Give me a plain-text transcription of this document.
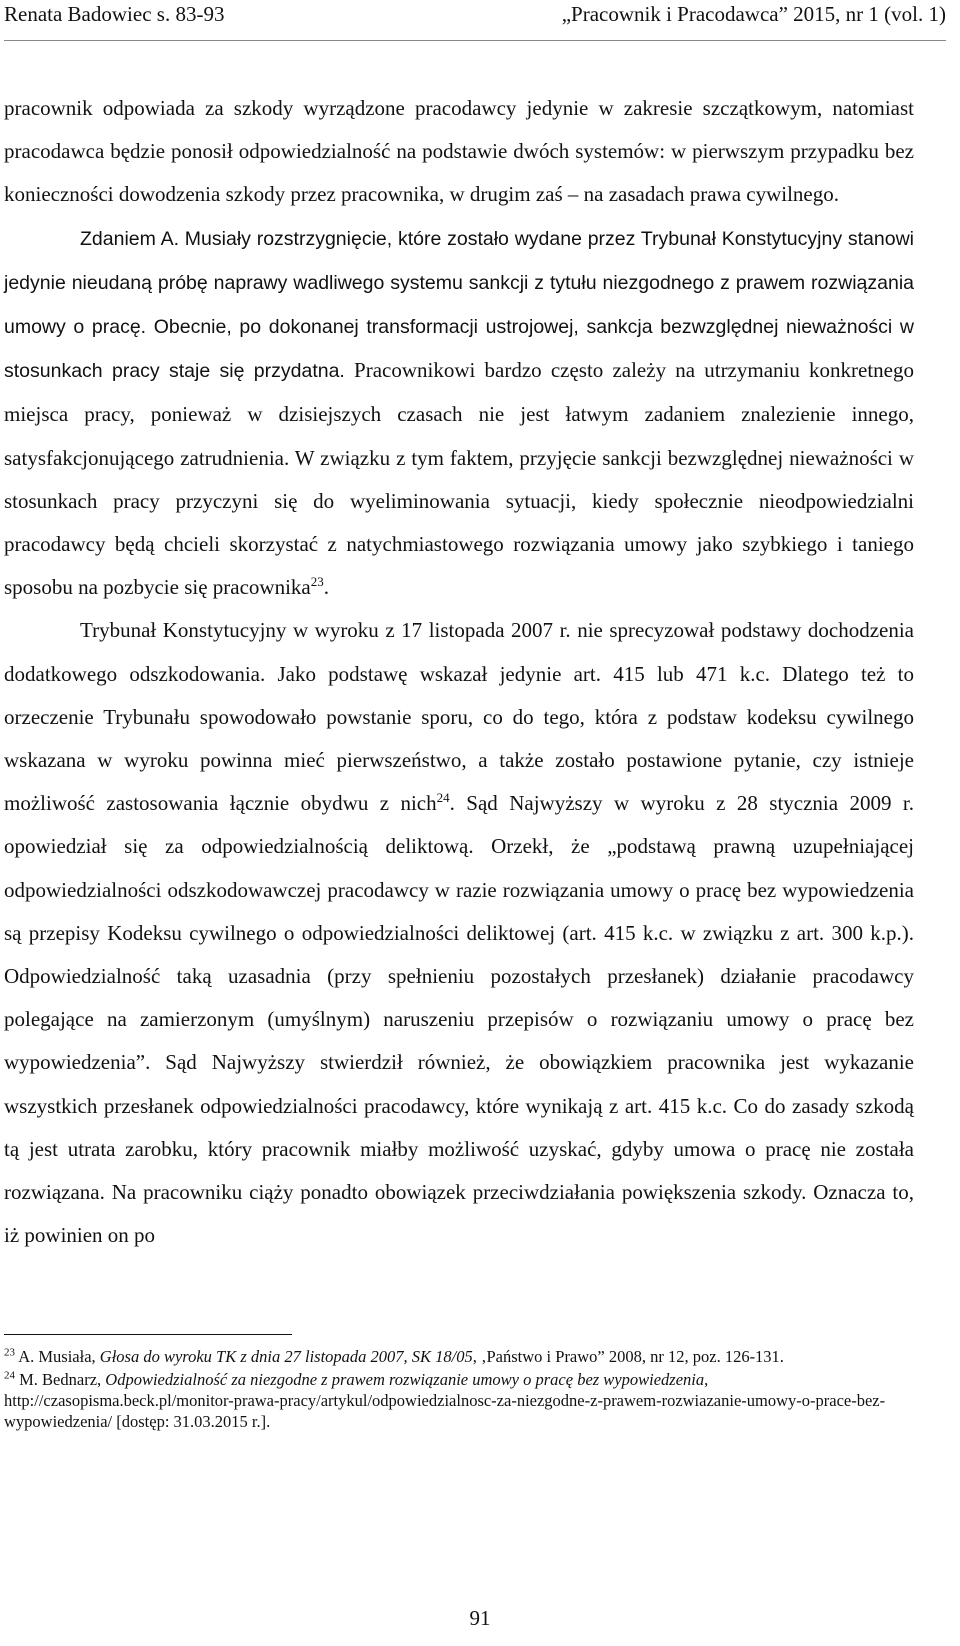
Renata Badowiec s. 83-93	„Pracownik i Pracodawca” 2015, nr 1 (vol. 1)

pracownik odpowiada za szkody wyrządzone pracodawcy jedynie w zakresie szczątkowym, natomiast pracodawca będzie ponosił odpowiedzialność na podstawie dwóch systemów: w pierwszym przypadku bez konieczności dowodzenia szkody przez pracownika, w drugim zaś – na zasadach prawa cywilnego.

Zdaniem A. Musiały rozstrzygnięcie, które zostało wydane przez Trybunał Konstytucyjny stanowi jedynie nieudaną próbę naprawy wadliwego systemu sankcji z tytułu niezgodnego z prawem rozwiązania umowy o pracę. Obecnie, po dokonanej transformacji ustrojowej, sankcja bezwzględnej nieważności w stosunkach pracy staje się przydatna. Pracownikowi bardzo często zależy na utrzymaniu konkretnego miejsca pracy, ponieważ w dzisiejszych czasach nie jest łatwym zadaniem znalezienie innego, satysfakcjonującego zatrudnienia. W związku z tym faktem, przyjęcie sankcji bezwzględnej nieważności w stosunkach pracy przyczyni się do wyeliminowania sytuacji, kiedy społecznie nieodpowiedzialni pracodawcy będą chcieli skorzystać z natychmiastowego rozwiązania umowy jako szybkiego i taniego sposobu na pozbycie się pracownika$^{23}$.

Trybunał Konstytucyjny w wyroku z 17 listopada 2007 r. nie sprecyzował podstawy dochodzenia dodatkowego odszkodowania. Jako podstawę wskazał jedynie art. 415 lub 471 k.c. Dlatego też to orzeczenie Trybunału spowodowało powstanie sporu, co do tego, która z podstaw kodeksu cywilnego wskazana w wyroku powinna mieć pierwszeństwo, a także zostało postawione pytanie, czy istnieje możliwość zastosowania łącznie obydwu z nich$^{24}$. Sąd Najwyższy w wyroku z 28 stycznia 2009 r. opowiedział się za odpowiedzialnością deliktową. Orzekł, że „podstawą prawną uzupełniającej odpowiedzialności odszkodowawczej pracodawcy w razie rozwiązania umowy o pracę bez wypowiedzenia są przepisy Kodeksu cywilnego o odpowiedzialności deliktowej (art. 415 k.c. w związku z art. 300 k.p.). Odpowiedzialność taką uzasadnia (przy spełnieniu pozostałych przesłanek) działanie pracodawcy polegające na zamierzonym (umyślnym) naruszeniu przepisów o rozwiązaniu umowy o pracę bez wypowiedzenia”. Sąd Najwyższy stwierdził również, że obowiązkiem pracownika jest wykazanie wszystkich przesłanek odpowiedzialności pracodawcy, które wynikają z art. 415 k.c. Co do zasady szkodą tą jest utrata zarobku, który pracownik miałby możliwość uzyskać, gdyby umowa o pracę nie została rozwiązana. Na pracowniku ciąży ponadto obowiązek przeciwdziałania powiększenia szkody. Oznacza to, iż powinien on po

$^{23}$ A. Musiała, Głosa do wyroku TK z dnia 27 listopada 2007, SK 18/05, ‚Państwo i Prawo” 2008, nr 12, poz. 126-131.

$^{24}$ M. Bednarz, Odpowiedzialność za niezgodne z prawem rozwiązanie umowy o pracę bez wypowiedzenia, http://czasopisma.beck.pl/monitor-prawa-pracy/artykul/odpowiedzialnosc-za-niezgodne-z-prawem-rozwiazanie-umowy-o-prace-bez-wypowiedzenia/ [dostęp: 31.03.2015 r.].

91
